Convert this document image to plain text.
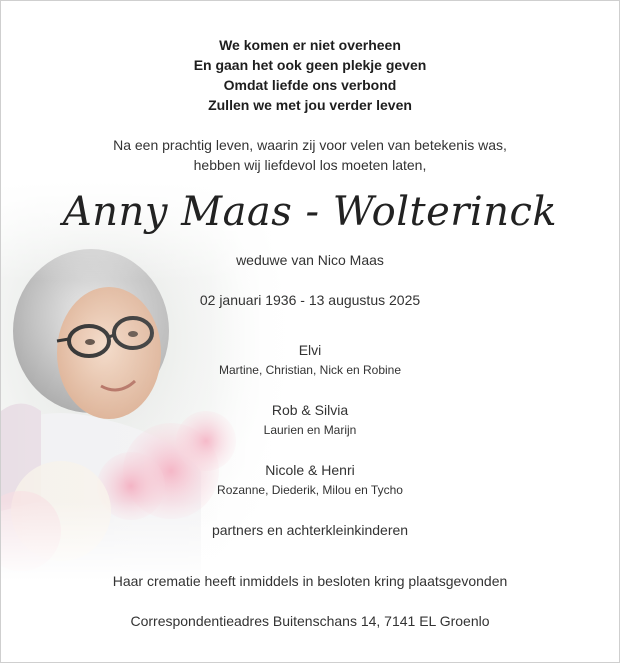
We komen er niet overheen
En gaan het ook geen plekje geven
Omdat liefde ons verbond
Zullen we met jou verder leven
Na een prachtig leven, waarin zij voor velen van betekenis was,
hebben wij liefdevol los moeten laten,
Anny Maas - Wolterinck
weduwe van Nico Maas
02 januari 1936 - 13 augustus 2025
Elvi
Martine, Christian, Nick en Robine
Rob & Silvia
Laurien en Marijn
Nicole & Henri
Rozanne, Diederik, Milou en Tycho
partners en achterkleinkinderen
Haar crematie heeft inmiddels in besloten kring plaatsgevonden
Correspondentieadres Buitenschans 14, 7141 EL Groenlo
